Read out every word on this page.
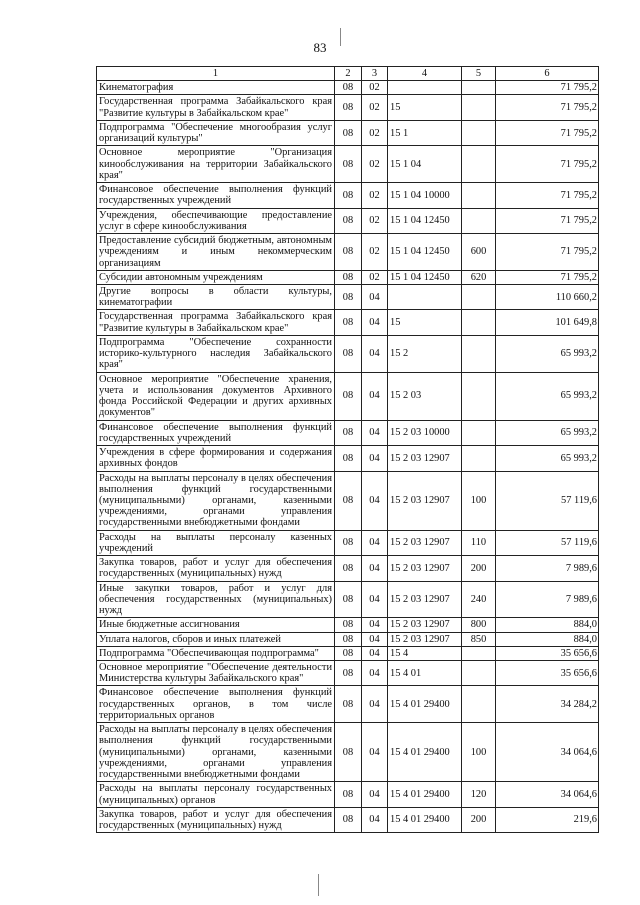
83
1	2	3	4	5	6
Кинематография	08	02			71 795,2
Государственная программа Забайкальского края "Развитие культуры в Забайкальском крае"	08	02	15		71 795,2
Подпрограмма "Обеспечение многообразия услуг организаций культуры"	08	02	15 1		71 795,2
Основное мероприятие "Организация кинообслуживания на территории Забайкальского края"	08	02	15 1 04		71 795,2
Финансовое обеспечение выполнения функций государственных учреждений	08	02	15 1 04 10000		71 795,2
Учреждения, обеспечивающие предоставление услуг в сфере кинообслуживания	08	02	15 1 04 12450		71 795,2
Предоставление субсидий бюджетным, автономным учреждениям и иным некоммерческим организациям	08	02	15 1 04 12450	600	71 795,2
Субсидии автономным учреждениям	08	02	15 1 04 12450	620	71 795,2
Другие вопросы в области культуры, кинематографии	08	04			110 660,2
Государственная программа Забайкальского края "Развитие культуры в Забайкальском крае"	08	04	15		101 649,8
Подпрограмма "Обеспечение сохранности историко-культурного наследия Забайкальского края"	08	04	15 2		65 993,2
Основное мероприятие "Обеспечение хранения, учета и использования документов Архивного фонда Российской Федерации и других архивных документов"	08	04	15 2 03		65 993,2
Финансовое обеспечение выполнения функций государственных учреждений	08	04	15 2 03 10000		65 993,2
Учреждения в сфере формирования и содержания архивных фондов	08	04	15 2 03 12907		65 993,2
Расходы на выплаты персоналу в целях обеспечения выполнения функций государственными (муниципальными) органами, казенными учреждениями, органами управления государственными внебюджетными фондами	08	04	15 2 03 12907	100	57 119,6
Расходы на выплаты персоналу казенных учреждений	08	04	15 2 03 12907	110	57 119,6
Закупка товаров, работ и услуг для обеспечения государственных (муниципальных) нужд	08	04	15 2 03 12907	200	7 989,6
Иные закупки товаров, работ и услуг для обеспечения государственных (муниципальных) нужд	08	04	15 2 03 12907	240	7 989,6
Иные бюджетные ассигнования	08	04	15 2 03 12907	800	884,0
Уплата налогов, сборов и иных платежей	08	04	15 2 03 12907	850	884,0
Подпрограмма "Обеспечивающая подпрограмма"	08	04	15 4		35 656,6
Основное мероприятие "Обеспечение деятельности Министерства культуры Забайкальского края"	08	04	15 4 01		35 656,6
Финансовое обеспечение выполнения функций государственных органов, в том числе территориальных органов	08	04	15 4 01 29400		34 284,2
Расходы на выплаты персоналу в целях обеспечения выполнения функций государственными (муниципальными) органами, казенными учреждениями, органами управления государственными внебюджетными фондами	08	04	15 4 01 29400	100	34 064,6
Расходы на выплаты персоналу государственных (муниципальных) органов	08	04	15 4 01 29400	120	34 064,6
Закупка товаров, работ и услуг для обеспечения государственных (муниципальных) нужд	08	04	15 4 01 29400	200	219,6
